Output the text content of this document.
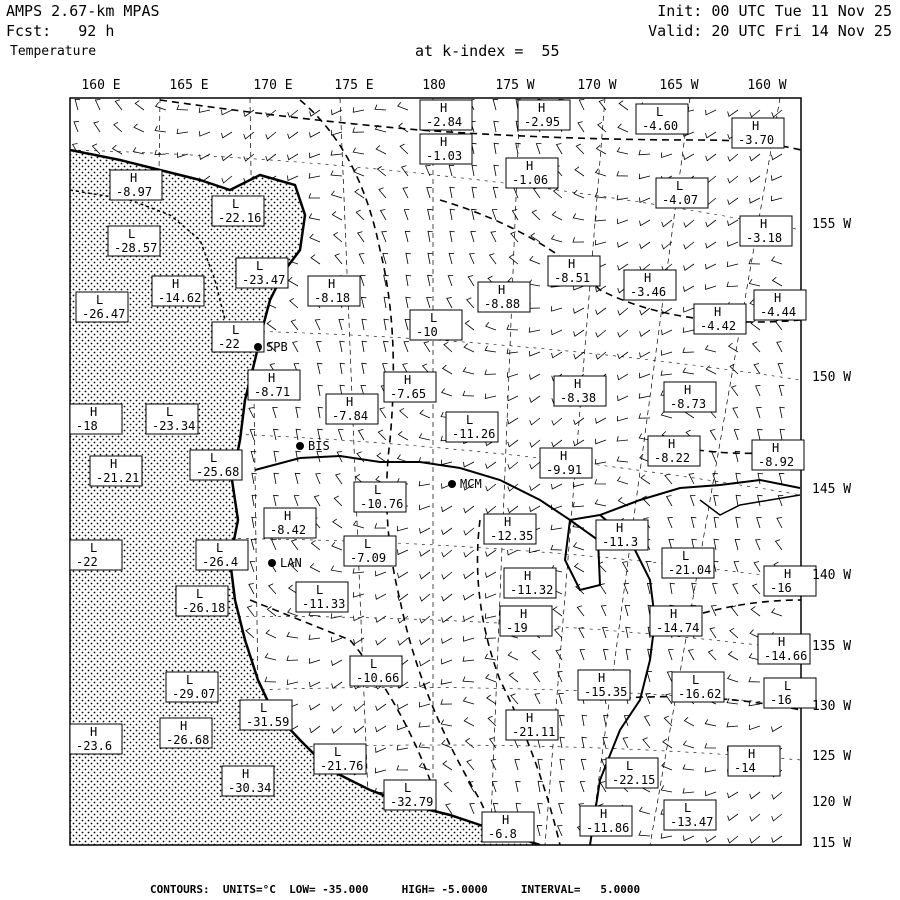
AMPS 2.67-km MPAS
Fcst:   92 h
Temperature
Init: 00 UTC Tue 11 Nov 25
Valid: 20 UTC Fri 14 Nov 25
at k-index =  55
H
-2.84
H
-2.95
L
-4.60	H
-3.70
H
-1.03
H
-1.06
H
-8.97	L
-4.07
L
-22.16	H
-3.18
L
-28.57
H
-8.51	H
-3.46
L
-23.47
H
-14.62
H
-8.18
H
-8.88	H
-4.44
H
-4.42
L
-26.47	L
-10
L
-22
H
-8.71
H
-7.65
H
-8.38
H
-8.73
H
-7.84
L
-23.34	L
-11.26
H
-18
H
-8.22
H
-21.21
L
-25.68
H
-9.91
H
-8.92
L
-10.76
H
-12.35
H
-8.42
L
-7.09
H
-11.3
L
-26.4	L
-21.04
L
-22
H
-11.32
H
-16
L
-26.18
L
-11.33
H
-19
H
-14.74
H
-14.66
L
-10.66
L
-29.07
H
-15.35
L
-16.62
L
-16
L
-31.59
H
-26.68
H
-21.11
H
-23.6	L
-21.76	L
-22.15
H
-14
H
-30.34	L
-32.79
H
-11.86
L
-13.47
H
-6.8
BIS
MCM
LAN
SPB
160 E	165 E	170 E	175 E	180	175 W	170 W	165 W	160 W
155 W
150 W
145 W
140 W
135 W
130 W
125 W
120 W
115 W
CONTOURS:  UNITS=°C  LOW= -35.000     HIGH= -5.0000     INTERVAL=   5.0000
